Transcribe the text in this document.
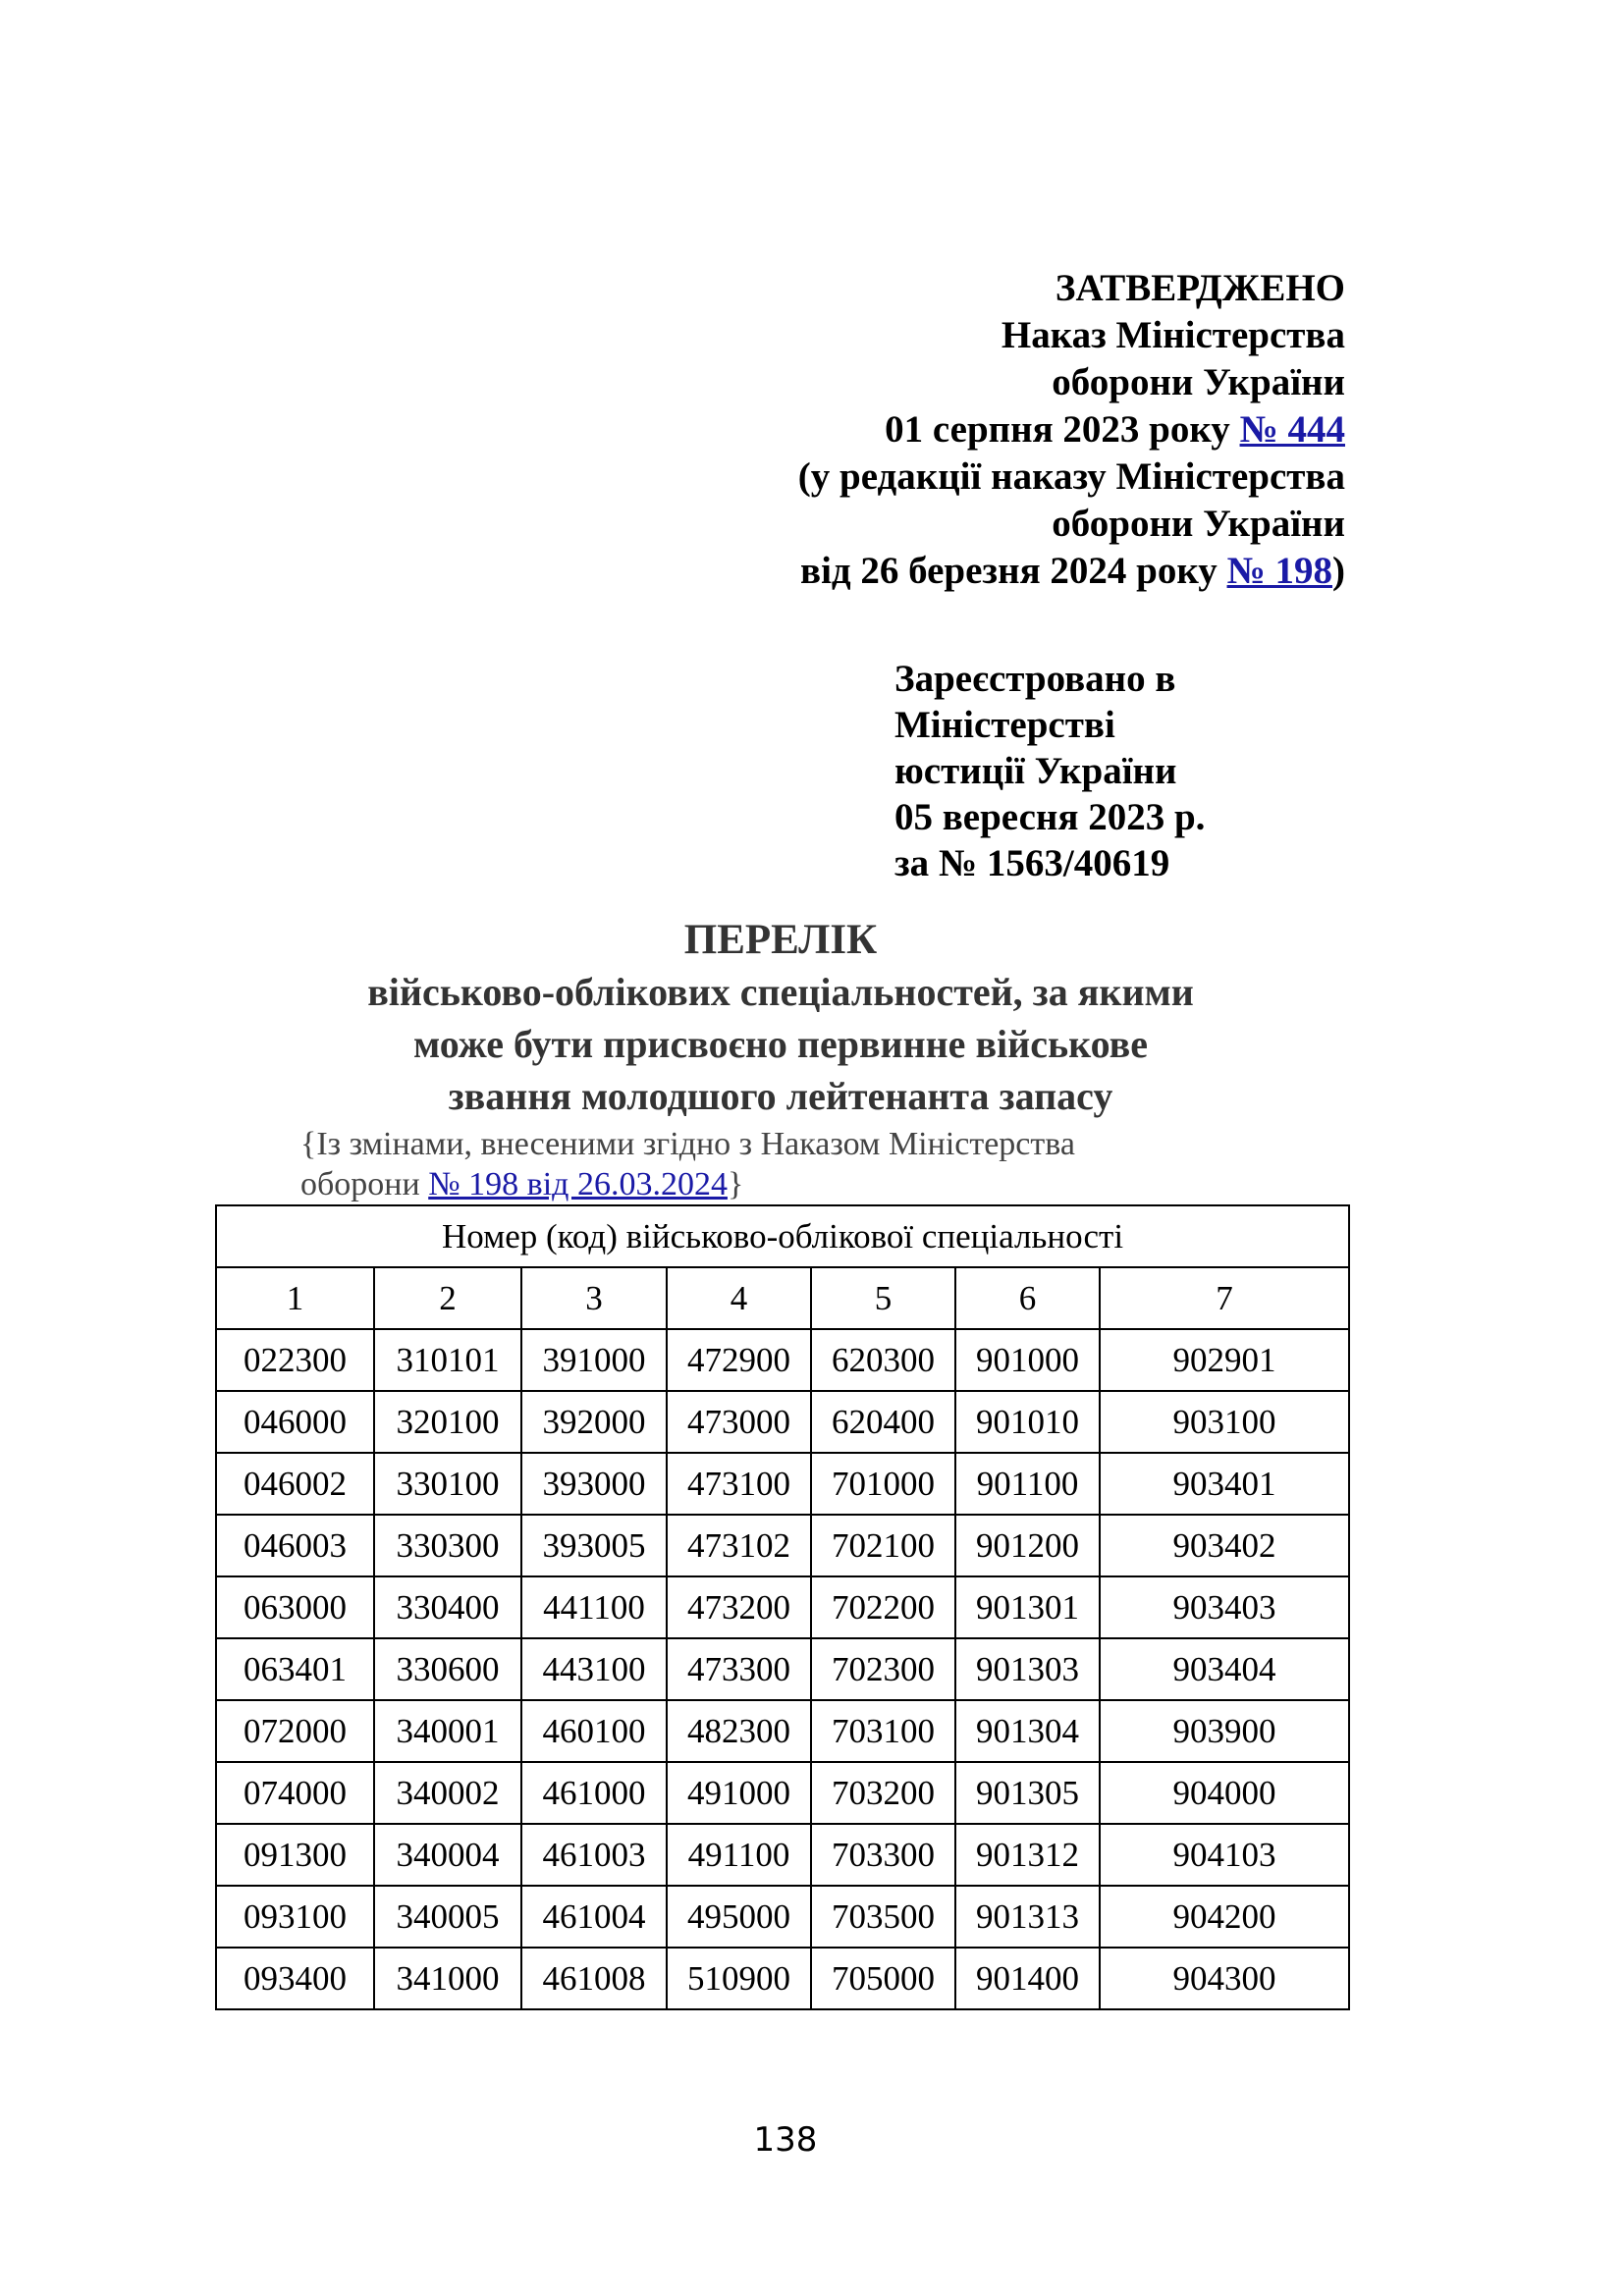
ЗАТВЕРДЖЕНО
Наказ Міністерства
оборони України
01 серпня 2023 року № 444
(у редакції наказу Міністерства
оборони України
від 26 березня 2024 року № 198)
Зареєстровано в
Міністерстві
юстиції України
05 вересня 2023 р.
за № 1563/40619
ПЕРЕЛІК
військово-облікових спеціальностей, за якими
може бути присвоєно первинне військове
звання молодшого лейтенанта запасу
{Із змінами, внесеними згідно з Наказом Міністерства
оборони № 198 від 26.03.2024}
Номер (код) військово-облікової спеціальності						
1	2	3	4	5	6	7
022300	310101	391000	472900	620300	901000	902901
046000	320100	392000	473000	620400	901010	903100
046002	330100	393000	473100	701000	901100	903401
046003	330300	393005	473102	702100	901200	903402
063000	330400	441100	473200	702200	901301	903403
063401	330600	443100	473300	702300	901303	903404
072000	340001	460100	482300	703100	901304	903900
074000	340002	461000	491000	703200	901305	904000
091300	340004	461003	491100	703300	901312	904103
093100	340005	461004	495000	703500	901313	904200
093400	341000	461008	510900	705000	901400	904300
138
